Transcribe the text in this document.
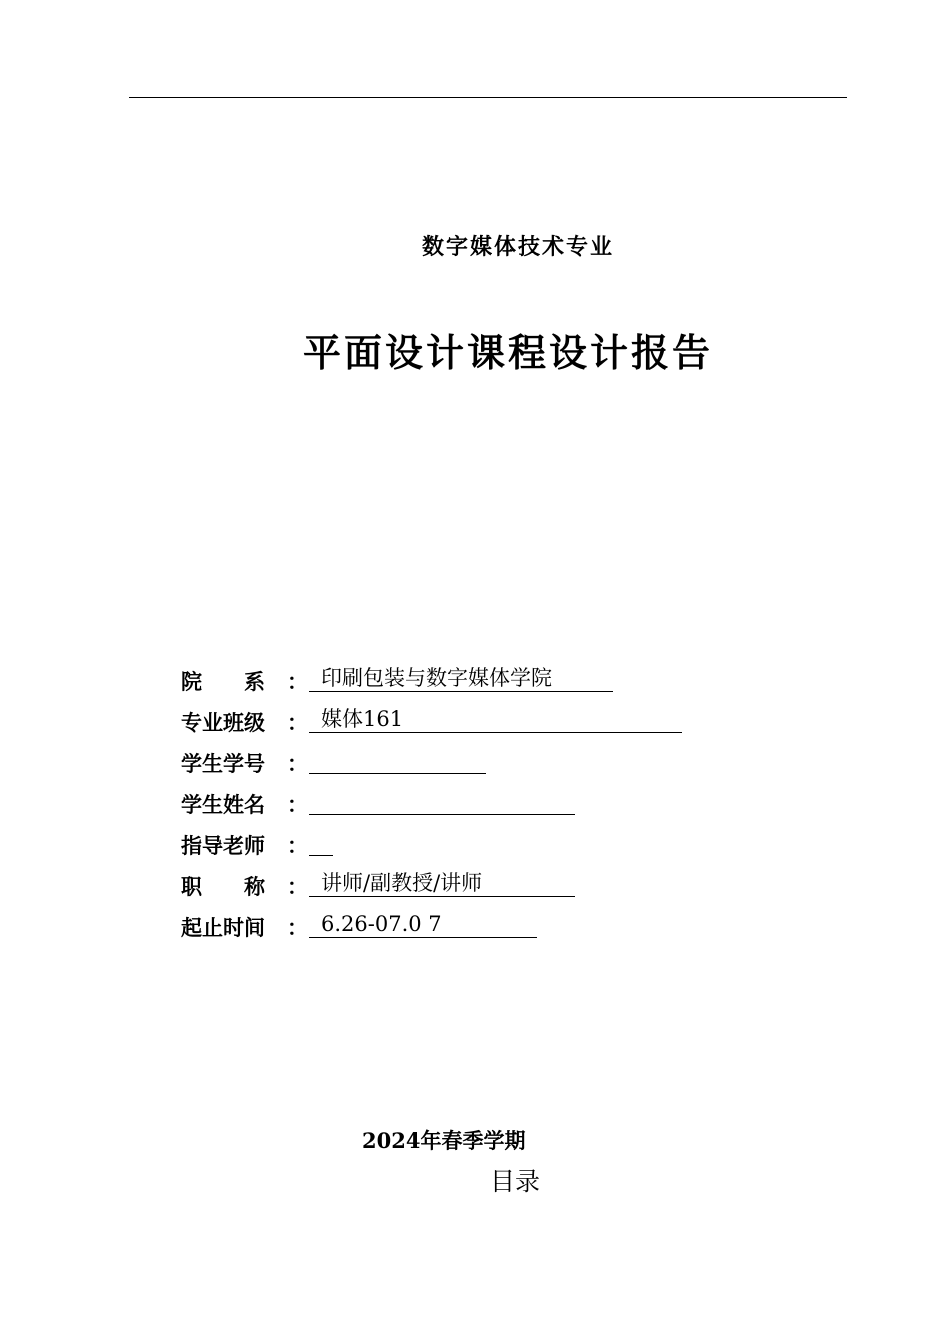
数字媒体技术专业
平面设计课程设计报告
院　　系	： 印刷包装与数字媒体学院
专业班级	： 媒体161
学生学号	：
学生姓名	：
指导老师	：
职　　称	： 讲师/副教授/讲师
起止时间	： 6.26-07.0 7
2024年春季学期
目录
